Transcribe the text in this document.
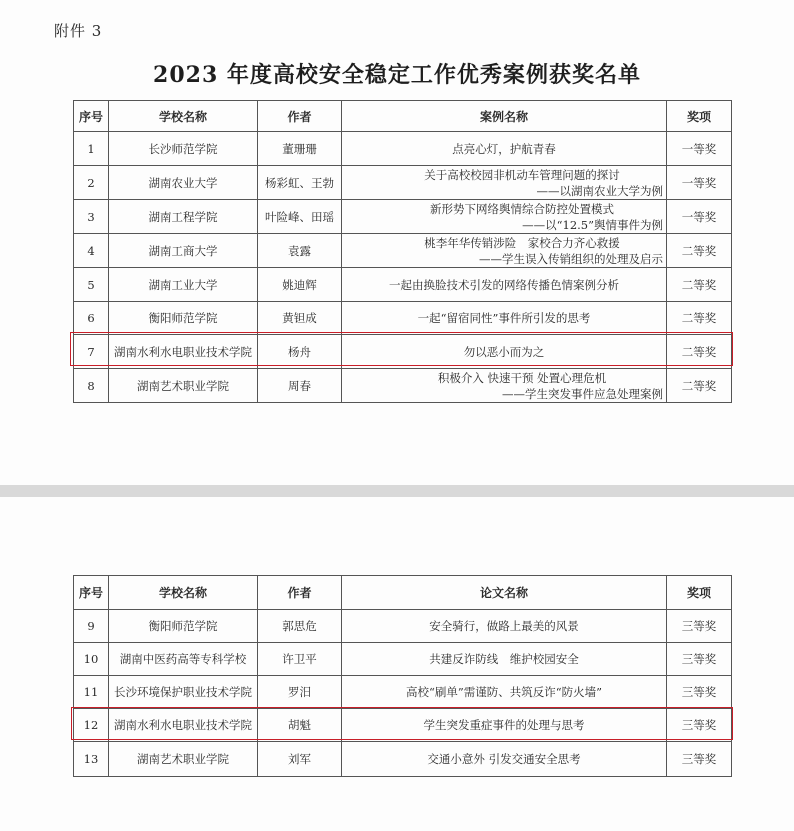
附件 3
2023 年度高校安全稳定工作优秀案例获奖名单
序号	学校名称	作者	案例名称	奖项
1	长沙师范学院	董珊珊	点亮心灯，护航青春	一等奖
2	湖南农业大学	杨彩虹、王勃	关于高校校园非机动车管理问题的探讨
——以湖南农业大学为例	一等奖
3	湖南工程学院	叶险峰、田瑶	新形势下网络舆情综合防控处置模式
——以“12.5”舆情事件为例	一等奖
4	湖南工商大学	袁露	桃李年华传销涉险　家校合力齐心救援
——学生误入传销组织的处理及启示	二等奖
5	湖南工业大学	姚迪辉	一起由换脸技术引发的网络传播色情案例分析	二等奖
6	衡阳师范学院	黄钽成	一起“留宿同性”事件所引发的思考	二等奖
7	湖南水利水电职业技术学院	杨舟	勿以恶小而为之	二等奖
8	湖南艺术职业学院	周春	积极介入 快速干预 处置心理危机
——学生突发事件应急处理案例	二等奖
序号	学校名称	作者	论文名称	奖项
9	衡阳师范学院	郭思危	安全骑行，做路上最美的风景	三等奖
10	湖南中医药高等专科学校	许卫平	共建反诈防线　维护校园安全	三等奖
11	长沙环境保护职业技术学院	罗汨	高校“刷单”需谨防、共筑反诈“防火墙”	三等奖
12	湖南水利水电职业技术学院	胡魁	学生突发重症事件的处理与思考	三等奖
13	湖南艺术职业学院	刘军	交通小意外 引发交通安全思考	三等奖
